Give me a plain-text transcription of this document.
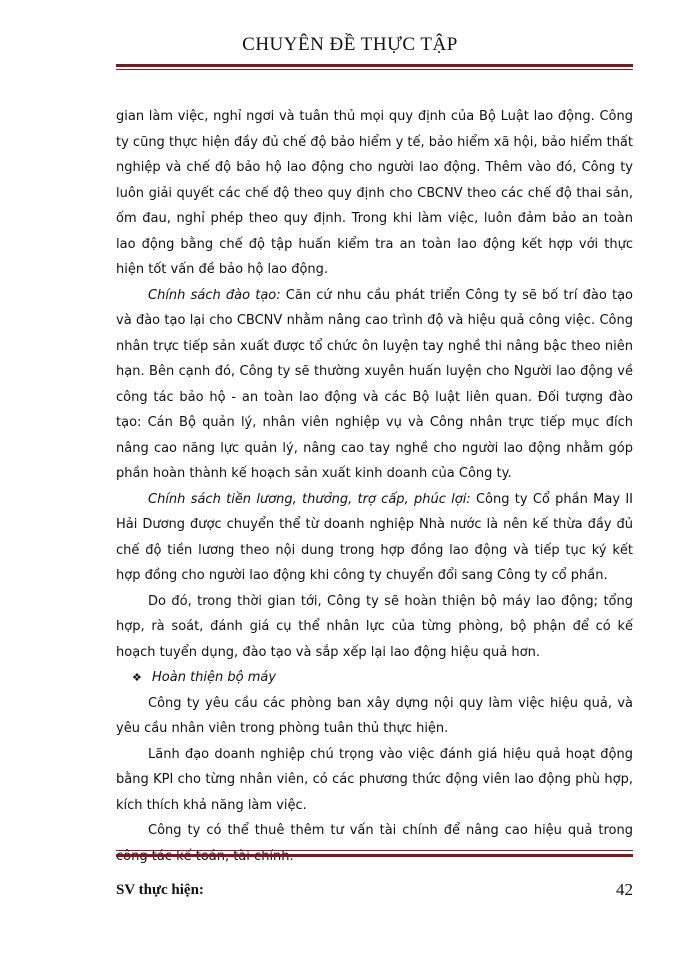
CHUYÊN ĐỀ THỰC TẬP

gian làm việc, nghỉ ngơi và tuân thủ mọi quy định của Bộ Luật lao động. Công ty cũng thực hiện đầy đủ chế độ bảo hiểm y tế, bảo hiểm xã hội, bảo hiểm thất nghiệp và chế độ bảo hộ lao động cho người lao động. Thêm vào đó, Công ty luôn giải quyết các chế độ theo quy định cho CBCNV theo các chế độ thai sản, ốm đau, nghỉ phép theo quy định. Trong khi làm việc, luôn đảm bảo an toàn lao động bằng chế độ tập huấn kiểm tra an toàn lao động kết hợp với thực hiện tốt vấn đề bảo hộ lao động.

Chính sách đào tạo: Căn cứ nhu cầu phát triển Công ty sẽ bố trí đào tạo và đào tạo lại cho CBCNV nhằm nâng cao trình độ và hiệu quả công việc. Công nhân trực tiếp sản xuất được tổ chức ôn luyện tay nghề thi nâng bậc theo niên hạn. Bên cạnh đó, Công ty sẽ thường xuyên huấn luyện cho Người lao động về công tác bảo hộ - an toàn lao động và các Bộ luật liên quan. Đối tượng đào tạo: Cán Bộ quản lý, nhân viên nghiệp vụ và Công nhân trực tiếp mục đích nâng cao năng lực quản lý, nâng cao tay nghề cho người lao động nhằm góp phần hoàn thành kế hoạch sản xuất kinh doanh của Công ty.

Chính sách tiền lương, thưởng, trợ cấp, phúc lợi: Công ty Cổ phần May II Hải Dương được chuyển thể từ doanh nghiệp Nhà nước là nên kế thừa đầy đủ chế độ tiền lương theo nội dung trong hợp đồng lao động và tiếp tục ký kết hợp đồng cho người lao động khi công ty chuyển đổi sang Công ty cổ phần.

Do đó, trong thời gian tới, Công ty sẽ hoàn thiện bộ máy lao động; tổng hợp, rà soát, đánh giá cụ thể nhân lực của từng phòng, bộ phận để có kế hoạch tuyển dụng, đào tạo và sắp xếp lại lao động hiệu quả hơn.

❖ Hoàn thiện bộ máy

Công ty yêu cầu các phòng ban xây dựng nội quy làm việc hiệu quả, và yêu cầu nhân viên trong phòng tuân thủ thực hiện.

Lãnh đạo doanh nghiệp chú trọng vào việc đánh giá hiệu quả hoạt động bằng KPI cho từng nhân viên, có các phương thức động viên lao động phù hợp, kích thích khả năng làm việc.

Công ty có thể thuê thêm tư vấn tài chính để nâng cao hiệu quả trong

SV thực hiện:	42
